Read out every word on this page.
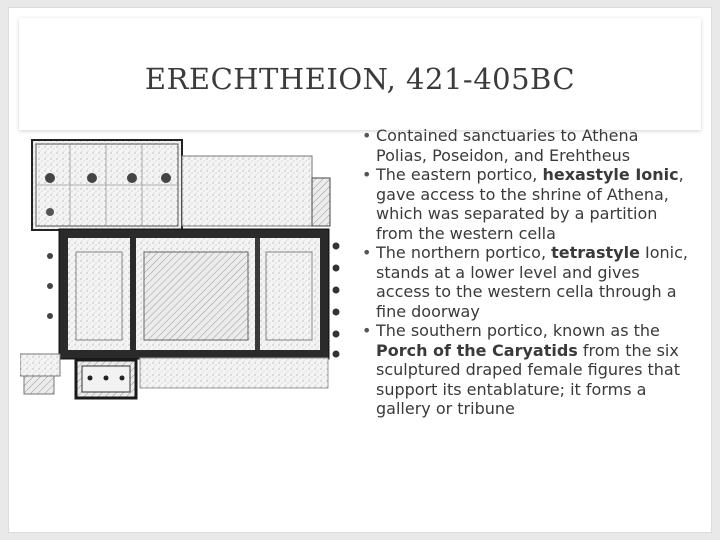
ERECHTHEION, 421-405BC
• Contained sanctuaries to Athena Polias, Poseidon, and Erehtheus
• The eastern portico, hexastyle Ionic, gave access to the shrine of Athena, which was separated by a partition from the western cella
• The northern portico, tetrastyle Ionic, stands at a lower level and gives access to the western cella through a fine doorway
• The southern portico, known as the Porch of the Caryatids from the six sculptured draped female figures that support its entablature; it forms a gallery or tribune
